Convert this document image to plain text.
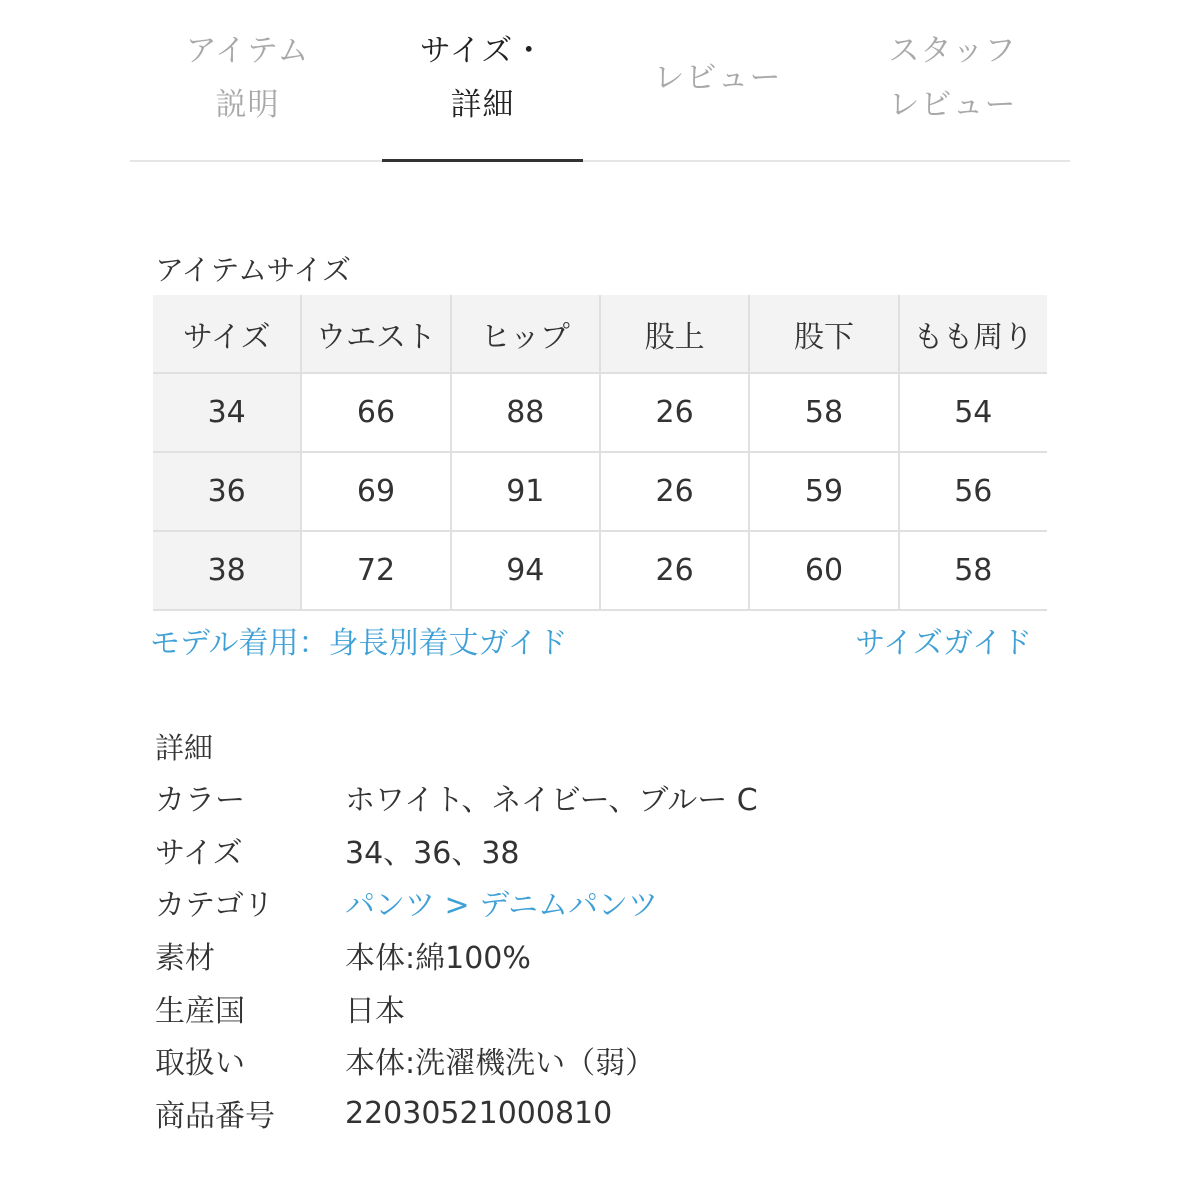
アイテム
説明
サイズ・
詳細
レビュー
スタッフ
レビュー
アイテムサイズ
サイズ	ウエスト	ヒップ	股上	股下	もも周り
34	66	88	26	58	54
36	69	91	26	59	56
38	72	94	26	60	58
モデル着用：身長別着丈ガイド	サイズガイド
詳細
カラー	ホワイト、ネイビー、ブルー C
サイズ	34、36、38
カテゴリ	パンツ > デニムパンツ
素材	本体:綿100%
生産国	日本
取扱い	本体:洗濯機洗い（弱）
商品番号	22030521000810
